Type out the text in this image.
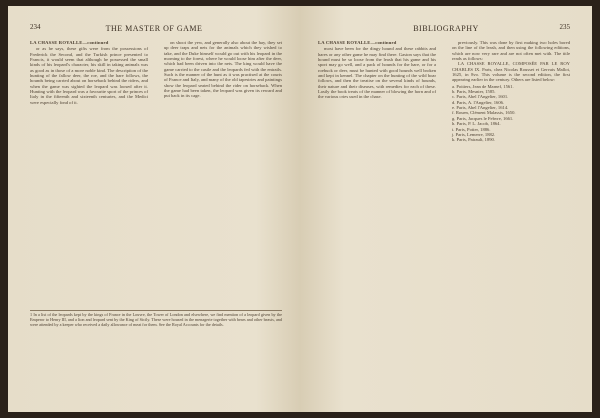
234	THE MASTER OF GAME
LA CHASSE ROYALLE—continued

or as he says, these gifts were from the possessions of Frederick the Second, and the Turkish prince presented to Francis, it would seem that although he possessed the small kinds of his leopard's character, his skill in taking animals was as good as in those of a more noble kind. The description of the hunting of the fallow deer, the roe, and the hare follows, the hounds being carried about on horseback behind the riders, and when the game was sighted the leopard was loosed after it. Hunting with the leopard was a favourite sport of the princes of Italy in the fifteenth and sixteenth centuries, and the Medici were especially fond of it.

on shoot the yew, and generally also about the hay, they set up deer traps and nets for the animals which they wished to take, and the Duke himself would go out with his leopard in the morning to the forest, where he would loose him after the deer, which had been driven into the nets. The king would have the game carried to the castle and the leopards fed with the entrails. Such is the manner of the hunt as it was practised at the courts of France and Italy, and many of the old tapestries and paintings show the leopard seated behind the rider on horseback. When the game had been taken, the leopard was given its reward and put back in its cage.

1 In a list of the leopards kept by the kings of France in the Louvre, the Tower of London and elsewhere, we find mention of a leopard given by the Emperor to Henry III, and a lion and leopard sent by the King of Sicily. These were housed in the menagerie together with bears and other beasts, and were attended by a keeper who received a daily allowance of meat for them. See the Royal Accounts for the details.
BIBLIOGRAPHY	235
LA CHASSE ROYALLE—continued

most have been for the dingy hound and these rabbits and hares or any other game he may find there. Gaston says that the hound must be so loose from the leash that his game and his sport may go well, and a pack of hounds for the hare, or for a roebuck or deer, must be hunted with good hounds well broken and kept in kennel. The chapter on the hunting of the wild boar follows, and then the treatise on the several kinds of hounds, their nature and their diseases, with remedies for each of these. Lastly the book treats of the manner of blowing the horn and of the various cries used in the chase.

previously. This was done by first making two holes bored on the line of the leash, and then using the following editions, which are now very rare and are not often met with. The title reads as follows:

LA CHASSE ROYALLE, COMPOSÉE PAR LE ROY CHARLES IX. Paris, chez Nicolas Rousset et Gervais Mallot, 1625, in 8vo. This volume is the second edition, the first appearing earlier in the century. Others are listed below:

a. Poitiers, Jean de Marnef, 1561.
b. Paris, Mesnier, 1585.
c. Paris, Abel l'Angelier, 1601.
d. Paris, A. l'Angelier, 1606.
e. Paris, Abel l'Angelier, 1614.
f. Rouen, Clément Malassis, 1650.
g. Paris, Jacques le Febvre, 1661.
h. Paris, P. L. Jacob, 1864.
i. Paris, Potier, 1886.
j. Paris, Lemerre, 1882.
k. Paris, Pairault, 1890.
